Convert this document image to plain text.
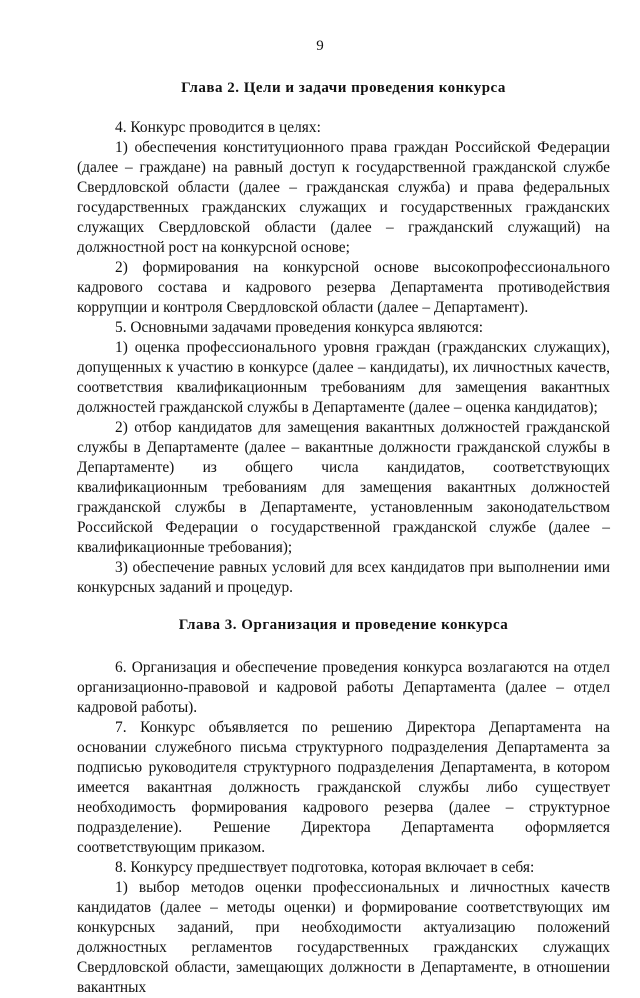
9
Глава 2. Цели и задачи проведения конкурса

4. Конкурс проводится в целях:

1) обеспечения конституционного права граждан Российской Федерации (далее – граждане) на равный доступ к государственной гражданской службе Свердловской области (далее – гражданская служба) и права федеральных государственных гражданских служащих и государственных гражданских служащих Свердловской области (далее – гражданский служащий) на должностной рост на конкурсной основе;

2) формирования на конкурсной основе высокопрофессионального кадрового состава и кадрового резерва Департамента противодействия коррупции и контроля Свердловской области (далее – Департамент).

5. Основными задачами проведения конкурса являются:

1) оценка профессионального уровня граждан (гражданских служащих), допущенных к участию в конкурсе (далее – кандидаты), их личностных качеств, соответствия квалификационным требованиям для замещения вакантных должностей гражданской службы в Департаменте (далее – оценка кандидатов);

2) отбор кандидатов для замещения вакантных должностей гражданской службы в Департаменте (далее – вакантные должности гражданской службы в Департаменте) из общего числа кандидатов, соответствующих квалификационным требованиям для замещения вакантных должностей гражданской службы в Департаменте, установленным законодательством Российской Федерации о государственной гражданской службе (далее – квалификационные требования);

3) обеспечение равных условий для всех кандидатов при выполнении ими конкурсных заданий и процедур.

Глава 3. Организация и проведение конкурса

6. Организация и обеспечение проведения конкурса возлагаются на отдел организационно-правовой и кадровой работы Департамента (далее – отдел кадровой работы).

7. Конкурс объявляется по решению Директора Департамента на основании служебного письма структурного подразделения Департамента за подписью руководителя структурного подразделения Департамента, в котором имеется вакантная должность гражданской службы либо существует необходимость формирования кадрового резерва (далее – структурное подразделение). Решение Директора Департамента оформляется соответствующим приказом.

8. Конкурсу предшествует подготовка, которая включает в себя:

1) выбор методов оценки профессиональных и личностных качеств кандидатов (далее – методы оценки) и формирование соответствующих им конкурсных заданий, при необходимости актуализацию положений должностных регламентов государственных гражданских служащих Свердловской области, замещающих должности в Департаменте, в отношении вакантных
